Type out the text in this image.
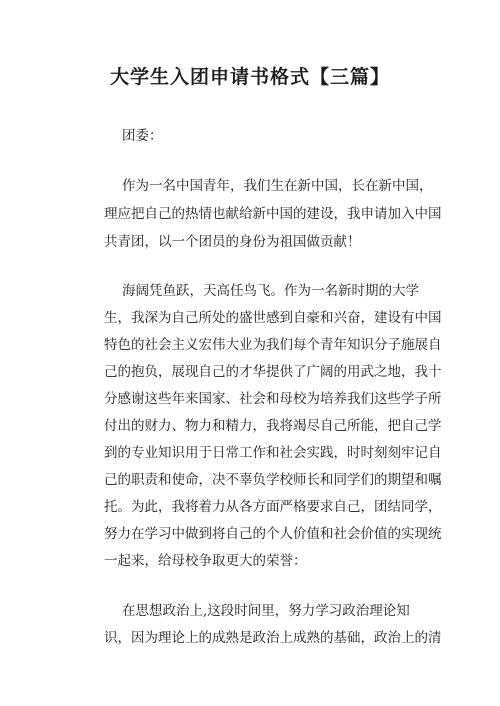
大学生入团申请书格式【三篇】

团委：

作为一名中国青年，我们生在新中国，长在新中国，

理应把自己的热情也献给新中国的建设，我申请加入中国

共青团，以一个团员的身份为祖国做贡献！

海阔凭鱼跃，天高任鸟飞。作为一名新时期的大学

生，我深为自己所处的盛世感到自豪和兴奋，建设有中国

特色的社会主义宏伟大业为我们每个青年知识分子施展自

己的抱负，展现自己的才华提供了广阔的用武之地，我十

分感谢这些年来国家、社会和母校为培养我们这些学子所

付出的财力、物力和精力，我将竭尽自己所能，把自己学

到的专业知识用于日常工作和社会实践，时时刻刻牢记自

己的职责和使命，决不辜负学校师长和同学们的期望和嘱

托。为此，我将着力从各方面严格要求自己，团结同学，

努力在学习中做到将自己的个人价值和社会价值的实现统

一起来，给母校争取更大的荣誉：

在思想政治上,这段时间里，努力学习政治理论知

识，因为理论上的成熟是政治上成熟的基础，政治上的清
